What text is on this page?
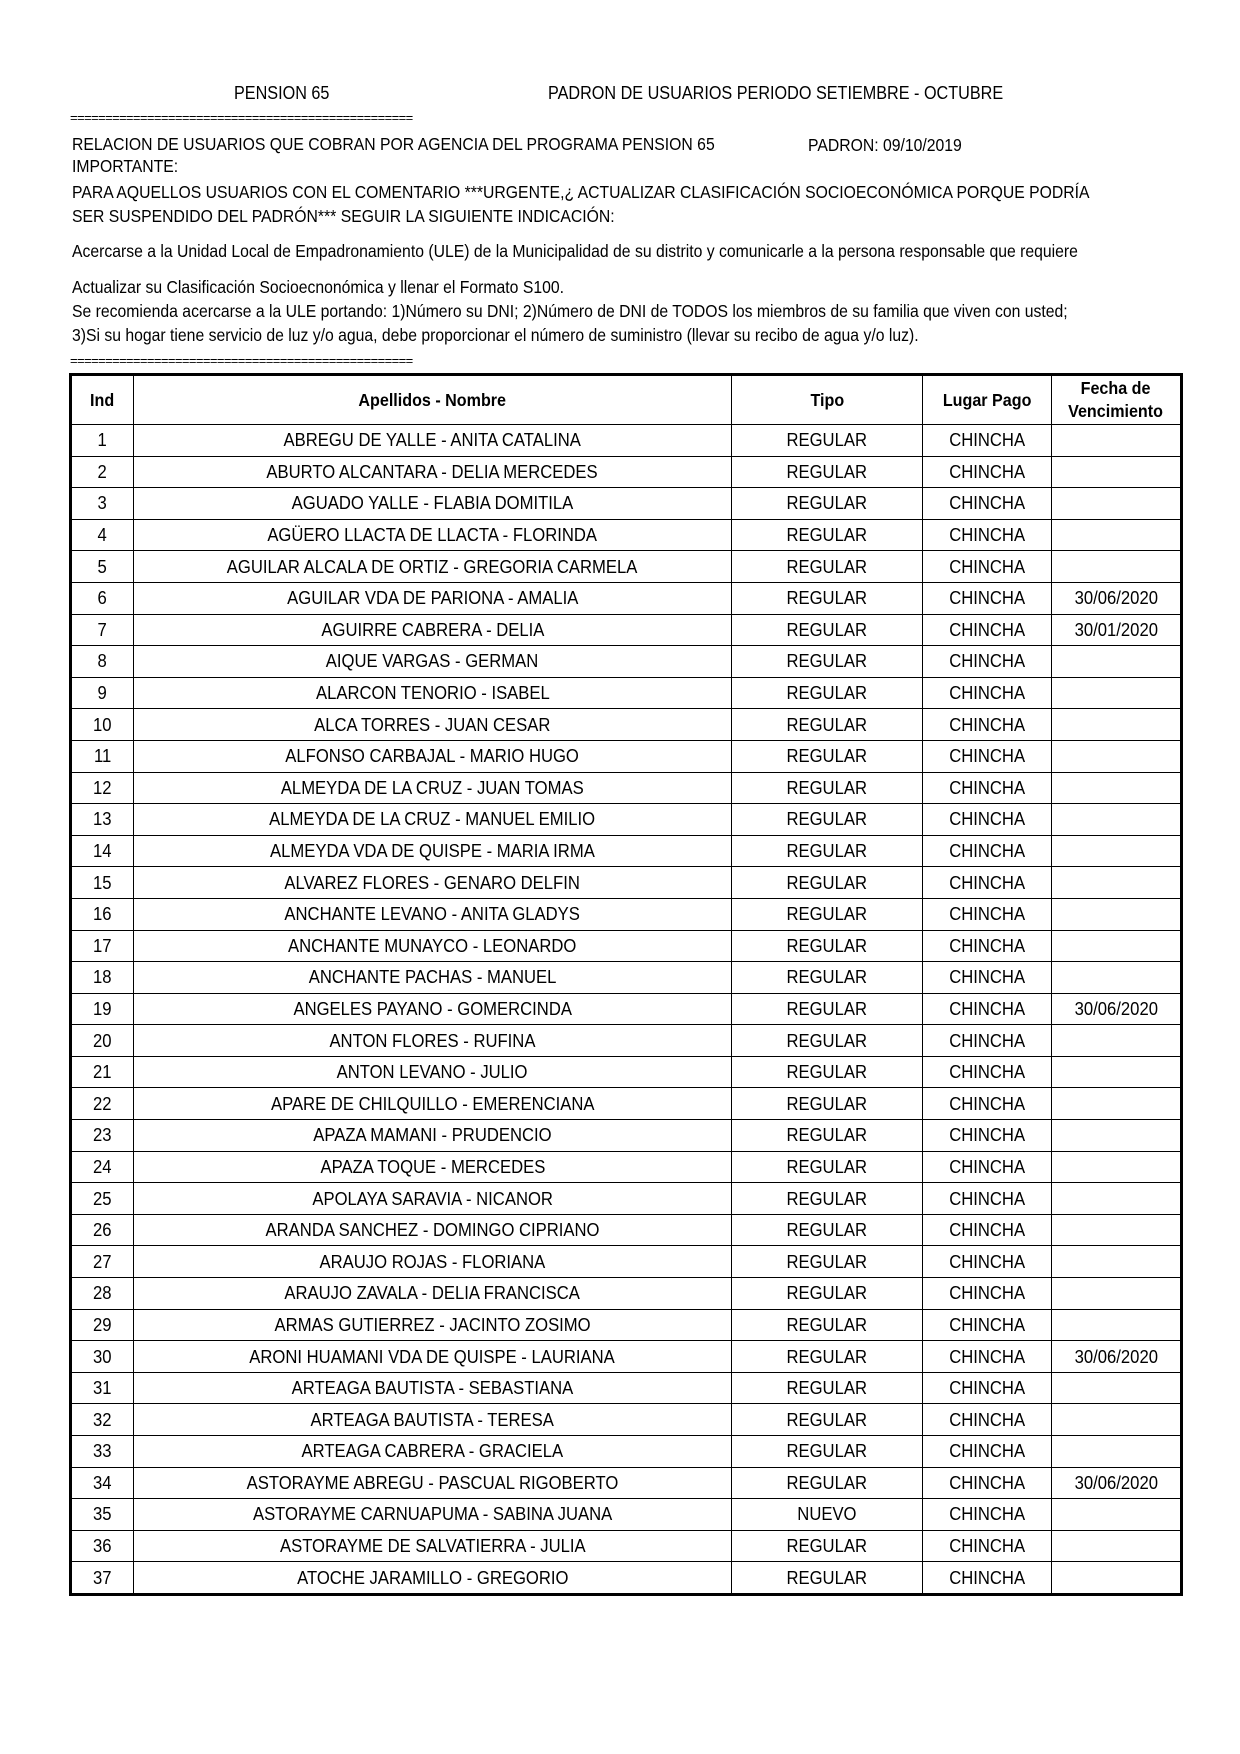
PENSION 65	PADRON DE USUARIOS PERIODO SETIEMBRE - OCTUBRE
=================================================
RELACION DE USUARIOS QUE COBRAN POR AGENCIA DEL PROGRAMA PENSION 65	PADRON: 09/10/2019
IMPORTANTE:
PARA AQUELLOS USUARIOS CON EL COMENTARIO ***URGENTE,¿ ACTUALIZAR CLASIFICACIÓN SOCIOECONÓMICA PORQUE PODRÍA
SER SUSPENDIDO DEL PADRÓN*** SEGUIR LA SIGUIENTE INDICACIÓN:
Acercarse a la Unidad Local de Empadronamiento (ULE) de la Municipalidad de su distrito y comunicarle a la persona responsable que requiere
Actualizar su Clasificación Socioecnonómica y llenar el Formato S100.
Se recomienda acercarse a la ULE portando: 1)Número su DNI; 2)Número de DNI de TODOS los miembros de su familia que viven con usted;
3)Si su hogar tiene servicio de luz y/o agua, debe proporcionar el número de suministro (llevar su recibo de agua y/o luz).
=================================================
Ind	Apellidos - Nombre	Tipo	Lugar Pago	Fecha de
Vencimiento
1	ABREGU DE YALLE - ANITA CATALINA	REGULAR	CHINCHA	
2	ABURTO ALCANTARA - DELIA MERCEDES	REGULAR	CHINCHA	
3	AGUADO YALLE - FLABIA DOMITILA	REGULAR	CHINCHA	
4	AGÜERO LLACTA DE LLACTA - FLORINDA	REGULAR	CHINCHA	
5	AGUILAR ALCALA DE ORTIZ - GREGORIA CARMELA	REGULAR	CHINCHA	
6	AGUILAR VDA DE PARIONA - AMALIA	REGULAR	CHINCHA	30/06/2020
7	AGUIRRE CABRERA - DELIA	REGULAR	CHINCHA	30/01/2020
8	AIQUE VARGAS - GERMAN	REGULAR	CHINCHA	
9	ALARCON TENORIO - ISABEL	REGULAR	CHINCHA	
10	ALCA TORRES - JUAN CESAR	REGULAR	CHINCHA	
11	ALFONSO CARBAJAL - MARIO HUGO	REGULAR	CHINCHA	
12	ALMEYDA DE LA CRUZ - JUAN TOMAS	REGULAR	CHINCHA	
13	ALMEYDA DE LA CRUZ - MANUEL EMILIO	REGULAR	CHINCHA	
14	ALMEYDA VDA DE QUISPE - MARIA IRMA	REGULAR	CHINCHA	
15	ALVAREZ FLORES - GENARO DELFIN	REGULAR	CHINCHA	
16	ANCHANTE LEVANO - ANITA GLADYS	REGULAR	CHINCHA	
17	ANCHANTE MUNAYCO - LEONARDO	REGULAR	CHINCHA	
18	ANCHANTE PACHAS - MANUEL	REGULAR	CHINCHA	
19	ANGELES PAYANO - GOMERCINDA	REGULAR	CHINCHA	30/06/2020
20	ANTON FLORES - RUFINA	REGULAR	CHINCHA	
21	ANTON LEVANO - JULIO	REGULAR	CHINCHA	
22	APARE DE CHILQUILLO - EMERENCIANA	REGULAR	CHINCHA	
23	APAZA MAMANI - PRUDENCIO	REGULAR	CHINCHA	
24	APAZA TOQUE - MERCEDES	REGULAR	CHINCHA	
25	APOLAYA SARAVIA - NICANOR	REGULAR	CHINCHA	
26	ARANDA SANCHEZ - DOMINGO CIPRIANO	REGULAR	CHINCHA	
27	ARAUJO ROJAS - FLORIANA	REGULAR	CHINCHA	
28	ARAUJO ZAVALA - DELIA FRANCISCA	REGULAR	CHINCHA	
29	ARMAS GUTIERREZ - JACINTO ZOSIMO	REGULAR	CHINCHA	
30	ARONI HUAMANI VDA DE QUISPE - LAURIANA	REGULAR	CHINCHA	30/06/2020
31	ARTEAGA BAUTISTA - SEBASTIANA	REGULAR	CHINCHA	
32	ARTEAGA BAUTISTA - TERESA	REGULAR	CHINCHA	
33	ARTEAGA CABRERA - GRACIELA	REGULAR	CHINCHA	
34	ASTORAYME ABREGU - PASCUAL RIGOBERTO	REGULAR	CHINCHA	30/06/2020
35	ASTORAYME CARNUAPUMA - SABINA JUANA	NUEVO	CHINCHA	
36	ASTORAYME DE SALVATIERRA - JULIA	REGULAR	CHINCHA	
37	ATOCHE JARAMILLO - GREGORIO	REGULAR	CHINCHA	
